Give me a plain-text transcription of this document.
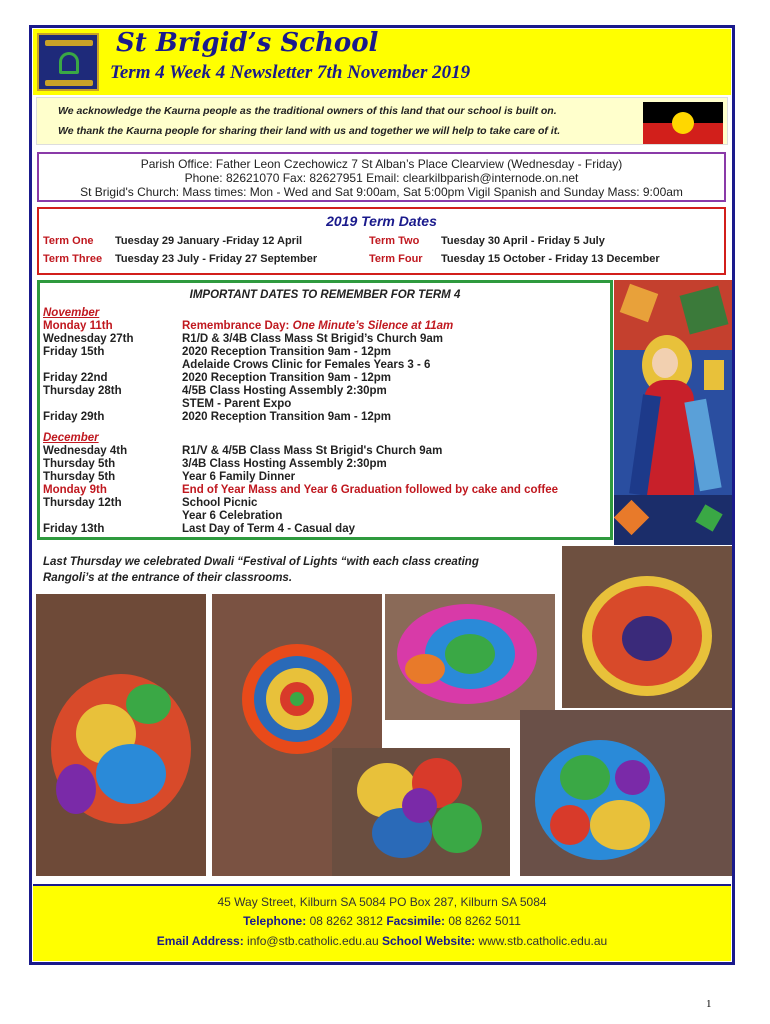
St Brigid’s School
Term 4 Week 4 Newsletter 7th November 2019
We acknowledge the Kaurna people as the traditional owners of this land that our school is built on.
We thank the Kaurna people for sharing their land with us and together we will help to take care of it.
Parish Office: Father Leon Czechowicz 7 St Alban’s Place Clearview (Wednesday - Friday)
Phone: 82621070 Fax: 82627951 Email: clearkilbparish@internode.on.net
St Brigid's Church: Mass times: Mon - Wed and Sat 9:00am, Sat 5:00pm Vigil Spanish and Sunday Mass: 9:00am
2019 Term Dates
Term One Tuesday 29 January -Friday 12 April	Term Two Tuesday 30 April - Friday 5 July
Term Three Tuesday 23 July - Friday 27 September	Term Four Tuesday 15 October - Friday 13 December
IMPORTANT DATES TO REMEMBER FOR TERM 4
November
Monday 11th	Remembrance Day: One Minute’s Silence at 11am
Wednesday 27th	R1/D & 3/4B Class Mass St Brigid’s Church 9am
Friday 15th	2020 Reception Transition 9am - 12pm
Adelaide Crows Clinic for Females Years 3 - 6
Friday 22nd	2020 Reception Transition 9am - 12pm
Thursday 28th	4/5B Class Hosting Assembly 2:30pm
STEM - Parent Expo
Friday 29th	2020 Reception Transition 9am - 12pm
December
Wednesday 4th	R1/V & 4/5B Class Mass St Brigid's Church 9am
Thursday 5th	3/4B Class Hosting Assembly 2:30pm
Thursday 5th	Year 6 Family Dinner
Monday 9th	End of Year Mass and Year 6 Graduation followed by cake and coffee
Thursday 12th	School Picnic
Year 6 Celebration
Friday 13th	Last Day of Term 4 - Casual day
Last Thursday we celebrated Dwali “Festival of Lights “with each class creating
Rangoli’s at the entrance of their classrooms.
45 Way Street, Kilburn SA 5084 PO Box 287, Kilburn SA 5084
Telephone: 08 8262 3812 Facsimile: 08 8262 5011
Email Address: info@stb.catholic.edu.au School Website: www.stb.catholic.edu.au
1
